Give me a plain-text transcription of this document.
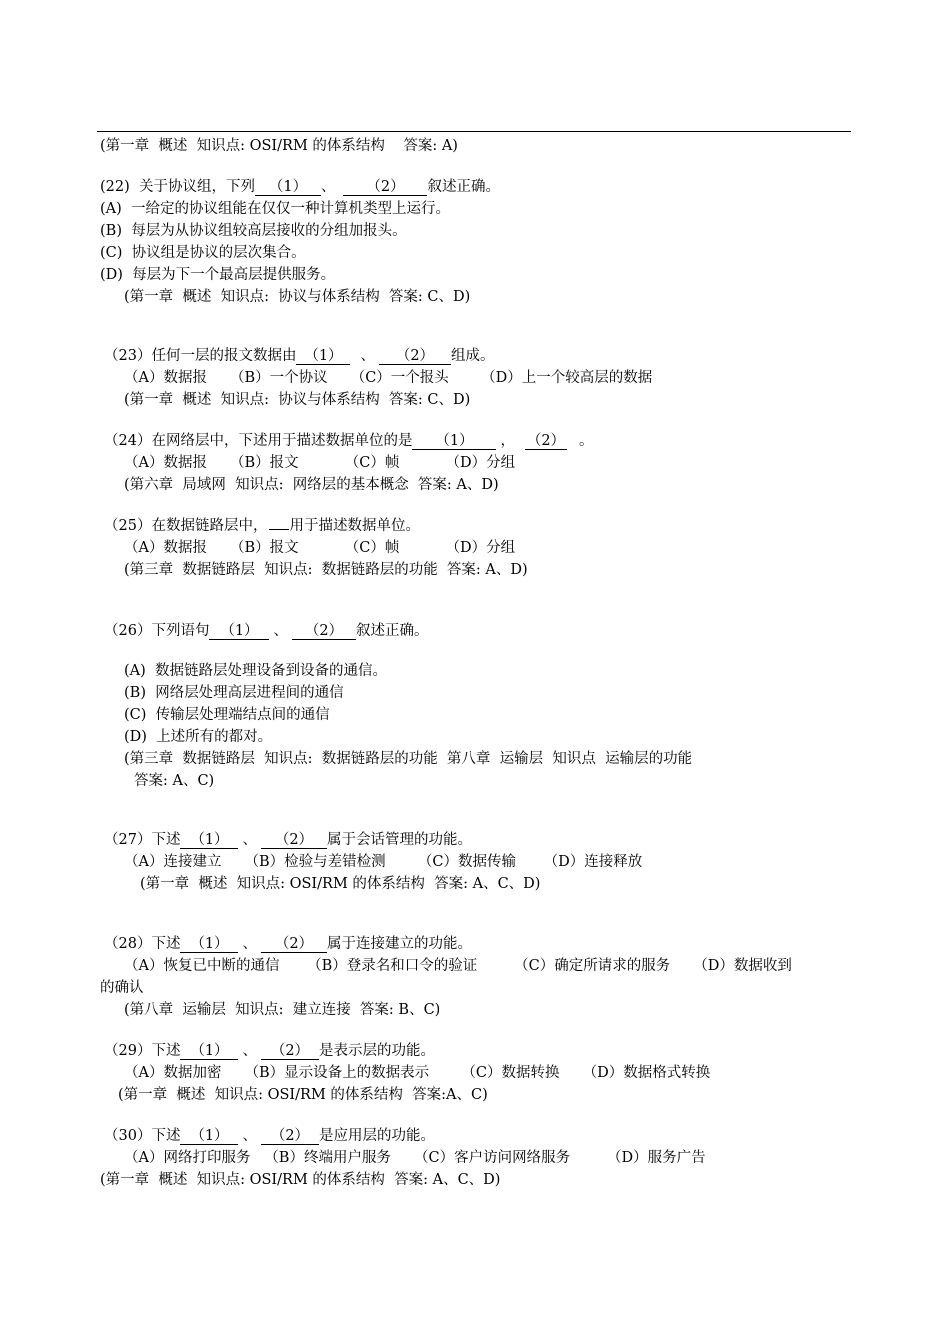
(第一章  概述  知识点: OSI/RM 的体系结构    答案: A)
(22)  关于协议组，下列 （1） 、 （2） 叙述正确。
(A)  一给定的协议组能在仅仅一种计算机类型上运行。
(B)  每层为从协议组较高层接收的分组加报头。
(C)  协议组是协议的层次集合。
(D)  每层为下一个最高层提供服务。
(第一章  概述  知识点:  协议与体系结构  答案: C、D)
（23）任何一层的报文数据由 （1） 、 （2） 组成。
（A）数据报     （B）一个协议     （C）一个报头       （D）上一个较高层的数据
(第一章  概述  知识点:  协议与体系结构  答案: C、D)
（24）在网络层中，下述用于描述数据单位的是 （1） ， （2） 。
（A）数据报     （B）报文          （C）帧          （D）分组
(第六章  局域网  知识点:  网络层的基本概念  答案: A、D)
（25）在数据链路层中， 用于描述数据单位。
（A）数据报     （B）报文          （C）帧          （D）分组
(第三章  数据链路层  知识点:  数据链路层的功能  答案: A、D)
（26）下列语句 （1） 、 （2） 叙述正确。
(A)  数据链路层处理设备到设备的通信。
(B)  网络层处理高层进程间的通信
(C)  传输层处理端结点间的通信
(D)  上述所有的都对。
(第三章  数据链路层  知识点:  数据链路层的功能  第八章  运输层  知识点  运输层的功能
答案: A、C)
（27）下述 （1） 、 （2） 属于会话管理的功能。
（A）连接建立     （B）检验与差错检测       （C）数据传输      （D）连接释放
(第一章  概述  知识点: OSI/RM 的体系结构  答案: A、C、D)
（28）下述 （1） 、 （2） 属于连接建立的功能。
（A）恢复已中断的通信      （B）登录名和口令的验证        （C）确定所请求的服务     （D）数据收到
的确认
(第八章  运输层  知识点:  建立连接  答案: B、C)
（29）下述 （1） 、 （2） 是表示层的功能。
（A）数据加密     （B）显示设备上的数据表示       （C）数据转换     （D）数据格式转换
(第一章  概述  知识点: OSI/RM 的体系结构  答案:A、C)
（30）下述 （1） 、 （2） 是应用层的功能。
（A）网络打印服务   （B）终端用户服务     （C）客户访问网络服务        （D）服务广告
(第一章  概述  知识点: OSI/RM 的体系结构  答案: A、C、D)
